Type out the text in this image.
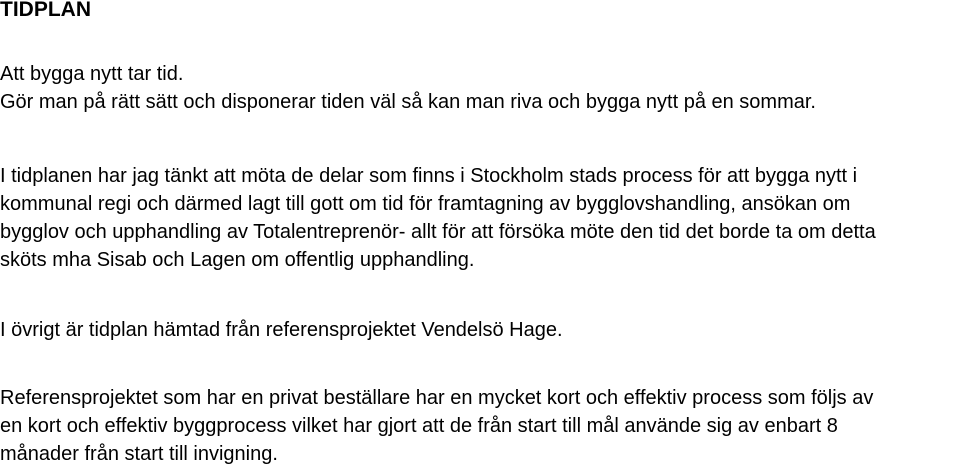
TIDPLAN

Att bygga nytt tar tid.
Gör man på rätt sätt och disponerar tiden väl så kan man riva och bygga nytt på en sommar.

I tidplanen har jag tänkt att möta de delar som finns i Stockholm stads process för att bygga nytt i
kommunal regi och därmed lagt till gott om tid för framtagning av bygglovshandling, ansökan om
bygglov och upphandling av Totalentreprenör- allt för att försöka möte den tid det borde ta om detta
sköts mha Sisab och Lagen om offentlig upphandling.

I övrigt är tidplan hämtad från referensprojektet Vendelsö Hage.

Referensprojektet som har en privat beställare har en mycket kort och effektiv process som följs av
en kort och effektiv byggprocess vilket har gjort att de från start till mål använde sig av enbart 8
månader från start till invigning.
